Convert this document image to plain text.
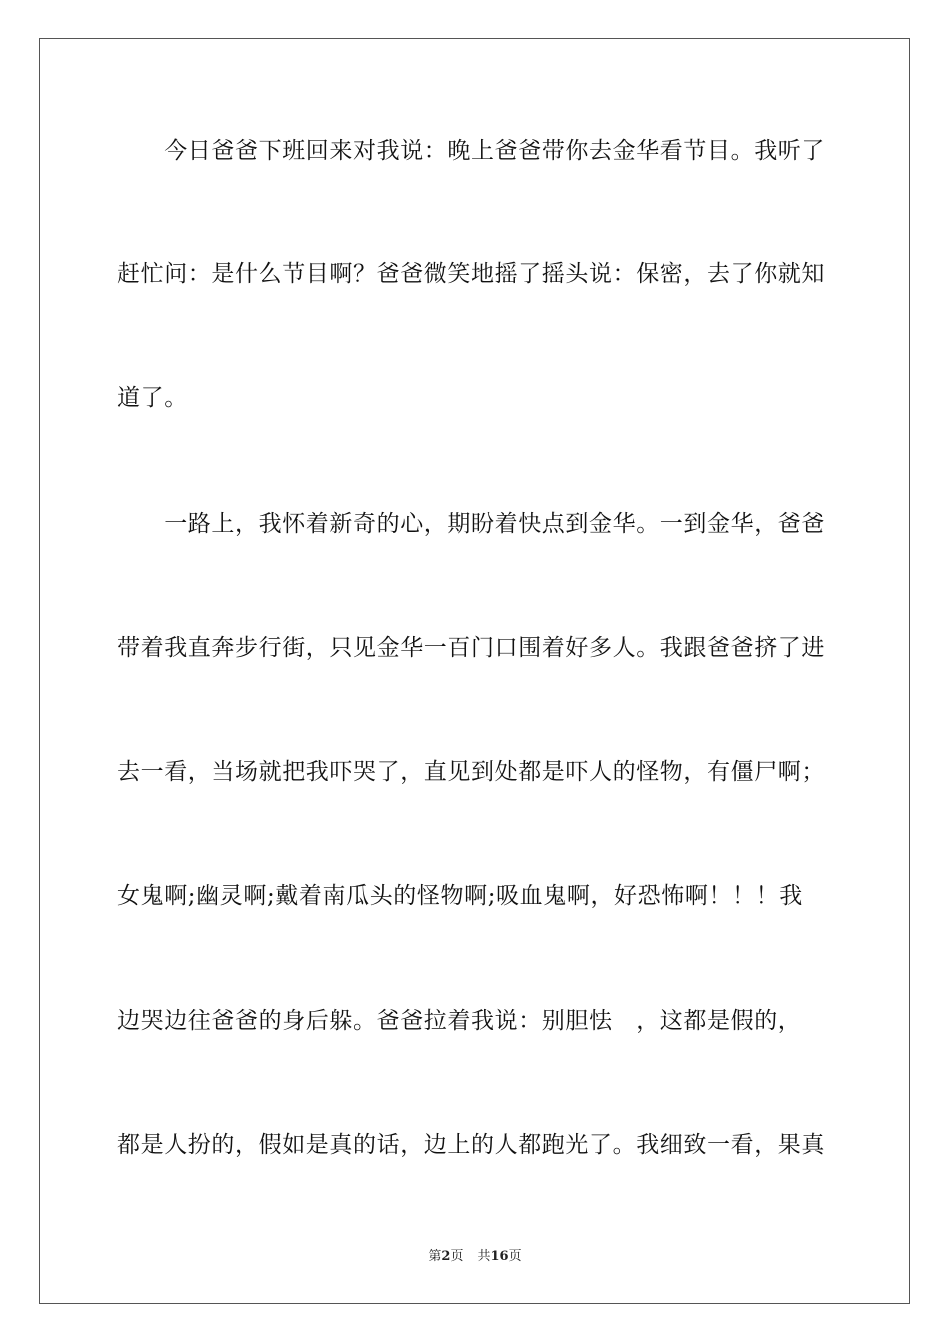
　　今日爸爸下班回来对我说：晚上爸爸带你去金华看节目。我听了
赶忙问：是什么节目啊？爸爸微笑地摇了摇头说：保密，去了你就知
道了。
　　一路上，我怀着新奇的心，期盼着快点到金华。一到金华，爸爸
带着我直奔步行街，只见金华一百门口围着好多人。我跟爸爸挤了进
去一看，当场就把我吓哭了，直见到处都是吓人的怪物，有僵尸啊；
女鬼啊;幽灵啊;戴着南瓜头的怪物啊;吸血鬼啊，好恐怖啊！！！我
边哭边往爸爸的身后躲。爸爸拉着我说：别胆怯　，这都是假的，
都是人扮的，假如是真的话，边上的人都跑光了。我细致一看，果真
第2页 共16页
